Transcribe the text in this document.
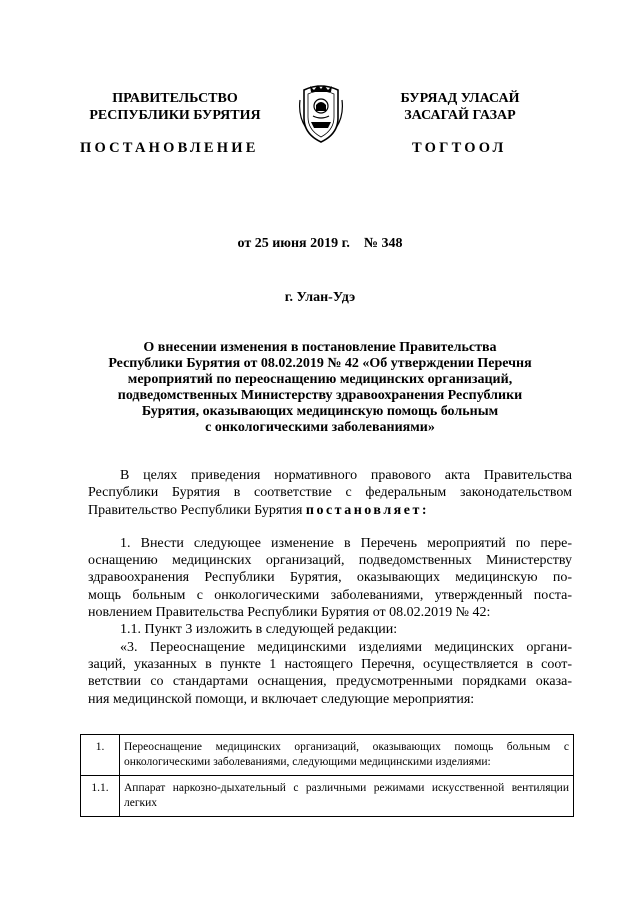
ПРАВИТЕЛЬСТВО
РЕСПУБЛИКИ БУРЯТИЯ
БУРЯАД УЛАСАЙ
ЗАСАГАЙ ГАЗАР
ПОСТАНОВЛЕНИЕ	ТОГТООЛ
от 25 июня 2019 г.    № 348
г. Улан-Удэ
О внесении изменения в постановление Правительства
Республики Бурятия от 08.02.2019 № 42 «Об утверждении Перечня
мероприятий по переоснащению медицинских организаций,
подведомственных Министерству здравоохранения Республики
Бурятия, оказывающих медицинскую помощь больным
с онкологическими заболеваниями»
В целях приведения нормативного правового акта Правительства
Республики Бурятия в соответствие с федеральным законодательством
Правительство Республики Бурятия постановляет:
1. Внести следующее изменение в Перечень мероприятий по пере-
оснащению медицинских организаций, подведомственных Министерству
здравоохранения Республики Бурятия, оказывающих медицинскую по-
мощь больным с онкологическими заболеваниями, утвержденный поста-
новлением Правительства Республики Бурятия от 08.02.2019 № 42:
1.1. Пункт 3 изложить в следующей редакции:
«3. Переоснащение медицинскими изделиями медицинских органи-
заций, указанных в пункте 1 настоящего Перечня, осуществляется в соот-
ветствии со стандартами оснащения, предусмотренными порядками оказа-
ния медицинской помощи, и включает следующие мероприятия:
1.	Переоснащение медицинских организаций, оказывающих помощь больным с онкологическими заболеваниями, следующими медицинскими изделиями:
1.1.	Аппарат наркозно-дыхательный с различными режимами искусственной вентиляции легких
